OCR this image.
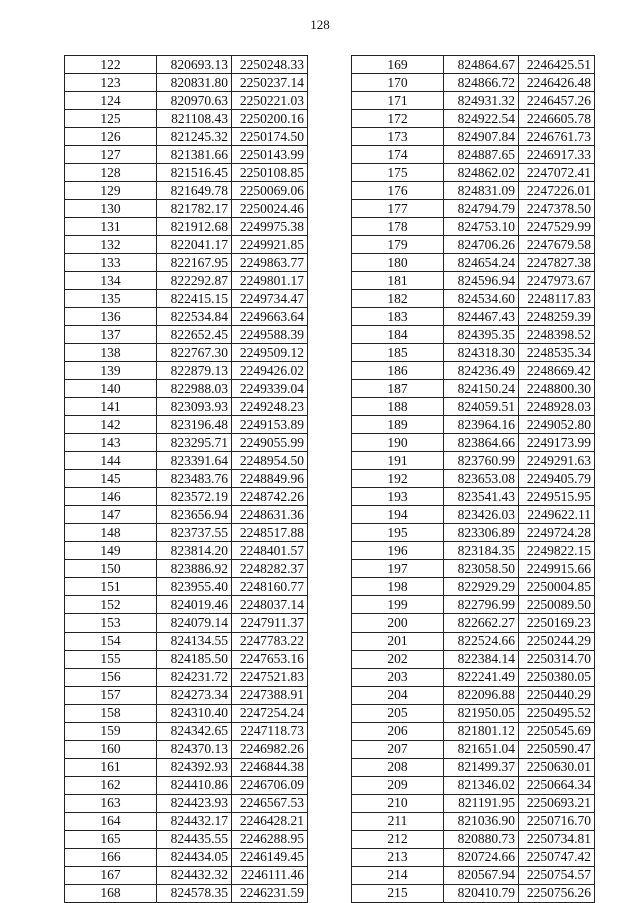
128
122	820693.13	2250248.33
123	820831.80	2250237.14
124	820970.63	2250221.03
125	821108.43	2250200.16
126	821245.32	2250174.50
127	821381.66	2250143.99
128	821516.45	2250108.85
129	821649.78	2250069.06
130	821782.17	2250024.46
131	821912.68	2249975.38
132	822041.17	2249921.85
133	822167.95	2249863.77
134	822292.87	2249801.17
135	822415.15	2249734.47
136	822534.84	2249663.64
137	822652.45	2249588.39
138	822767.30	2249509.12
139	822879.13	2249426.02
140	822988.03	2249339.04
141	823093.93	2249248.23
142	823196.48	2249153.89
143	823295.71	2249055.99
144	823391.64	2248954.50
145	823483.76	2248849.96
146	823572.19	2248742.26
147	823656.94	2248631.36
148	823737.55	2248517.88
149	823814.20	2248401.57
150	823886.92	2248282.37
151	823955.40	2248160.77
152	824019.46	2248037.14
153	824079.14	2247911.37
154	824134.55	2247783.22
155	824185.50	2247653.16
156	824231.72	2247521.83
157	824273.34	2247388.91
158	824310.40	2247254.24
159	824342.65	2247118.73
160	824370.13	2246982.26
161	824392.93	2246844.38
162	824410.86	2246706.09
163	824423.93	2246567.53
164	824432.17	2246428.21
165	824435.55	2246288.95
166	824434.05	2246149.45
167	824432.32	2246111.46
168	824578.35	2246231.59
169	824864.67	2246425.51
170	824866.72	2246426.48
171	824931.32	2246457.26
172	824922.54	2246605.78
173	824907.84	2246761.73
174	824887.65	2246917.33
175	824862.02	2247072.41
176	824831.09	2247226.01
177	824794.79	2247378.50
178	824753.10	2247529.99
179	824706.26	2247679.58
180	824654.24	2247827.38
181	824596.94	2247973.67
182	824534.60	2248117.83
183	824467.43	2248259.39
184	824395.35	2248398.52
185	824318.30	2248535.34
186	824236.49	2248669.42
187	824150.24	2248800.30
188	824059.51	2248928.03
189	823964.16	2249052.80
190	823864.66	2249173.99
191	823760.99	2249291.63
192	823653.08	2249405.79
193	823541.43	2249515.95
194	823426.03	2249622.11
195	823306.89	2249724.28
196	823184.35	2249822.15
197	823058.50	2249915.66
198	822929.29	2250004.85
199	822796.99	2250089.50
200	822662.27	2250169.23
201	822524.66	2250244.29
202	822384.14	2250314.70
203	822241.49	2250380.05
204	822096.88	2250440.29
205	821950.05	2250495.52
206	821801.12	2250545.69
207	821651.04	2250590.47
208	821499.37	2250630.01
209	821346.02	2250664.34
210	821191.95	2250693.21
211	821036.90	2250716.70
212	820880.73	2250734.81
213	820724.66	2250747.42
214	820567.94	2250754.57
215	820410.79	2250756.26
